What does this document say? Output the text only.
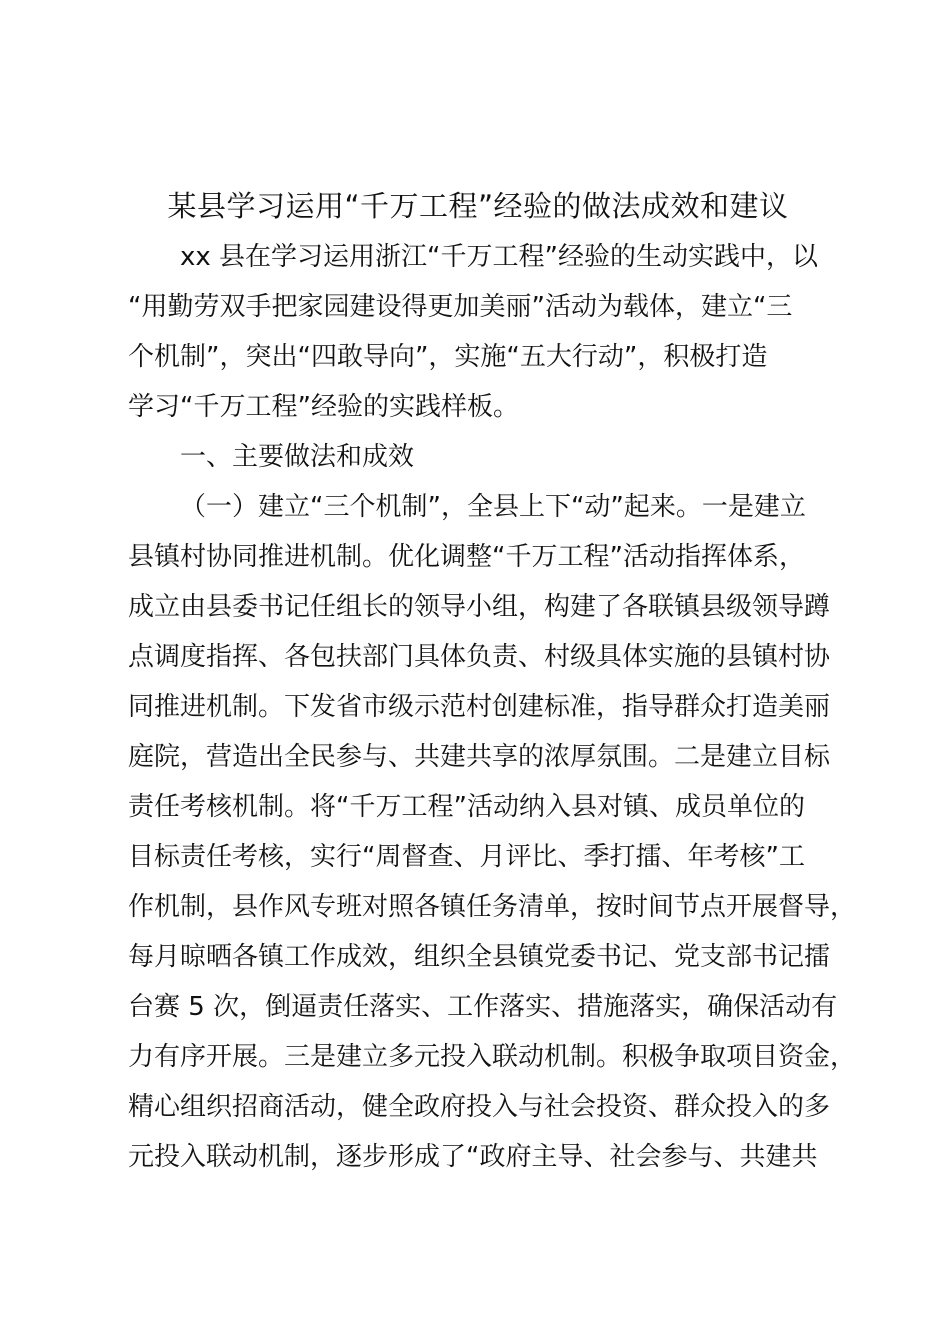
某县学习运用“千万工程”经验的做法成效和建议

xx 县在学习运用浙江“千万工程”经验的生动实践中，以

“用勤劳双手把家园建设得更加美丽”活动为载体，建立“三

个机制”，突出“四敢导向”，实施“五大行动”，积极打造

学习“千万工程”经验的实践样板。

一、主要做法和成效

（一）建立“三个机制”，全县上下“动”起来。一是建立

县镇村协同推进机制。优化调整“千万工程”活动指挥体系，

成立由县委书记任组长的领导小组，构建了各联镇县级领导蹲

点调度指挥、各包扶部门具体负责、村级具体实施的县镇村协

同推进机制。下发省市级示范村创建标准，指导群众打造美丽

庭院，营造出全民参与、共建共享的浓厚氛围。二是建立目标

责任考核机制。将“千万工程”活动纳入县对镇、成员单位的

目标责任考核，实行“周督查、月评比、季打擂、年考核”工

作机制，县作风专班对照各镇任务清单，按时间节点开展督导，

每月晾晒各镇工作成效，组织全县镇党委书记、党支部书记擂

台赛 5 次，倒逼责任落实、工作落实、措施落实，确保活动有

力有序开展。三是建立多元投入联动机制。积极争取项目资金，

精心组织招商活动，健全政府投入与社会投资、群众投入的多

元投入联动机制，逐步形成了“政府主导、社会参与、共建共
